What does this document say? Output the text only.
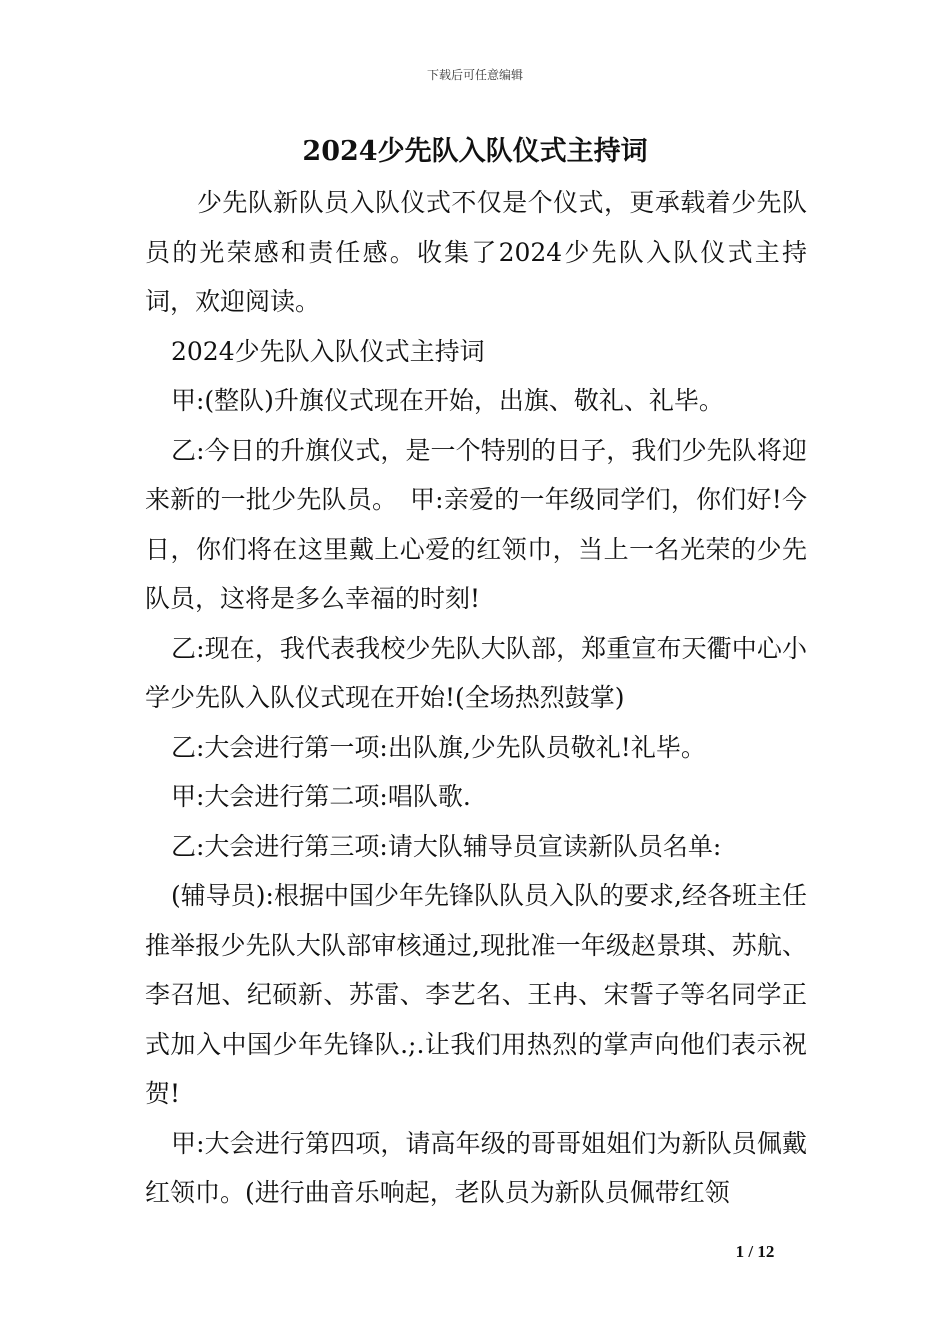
下载后可任意编辑
2024少先队入队仪式主持词

少先队新队员入队仪式不仅是个仪式，更承载着少先队员的光荣感和责任感。收集了2024少先队入队仪式主持词，欢迎阅读。

2024少先队入队仪式主持词

甲:(整队)升旗仪式现在开始，出旗、敬礼、礼毕。

乙:今日的升旗仪式，是一个特别的日子，我们少先队将迎来新的一批少先队员。　甲:亲爱的一年级同学们，你们好!今日，你们将在这里戴上心爱的红领巾，当上一名光荣的少先队员，这将是多么幸福的时刻!

乙:现在，我代表我校少先队大队部，郑重宣布天衢中心小学少先队入队仪式现在开始!(全场热烈鼓掌)

乙:大会进行第一项:出队旗,少先队员敬礼!礼毕。

甲:大会进行第二项:唱队歌.

乙:大会进行第三项:请大队辅导员宣读新队员名单:

(辅导员):根据中国少年先锋队队员入队的要求,经各班主任推举报少先队大队部审核通过,现批准一年级赵景琪、苏航、李召旭、纪硕新、苏雷、李艺名、王冉、宋誓子等名同学正式加入中国少年先锋队.;.让我们用热烈的掌声向他们表示祝贺!

甲:大会进行第四项，请高年级的哥哥姐姐们为新队员佩戴红领巾。(进行曲音乐响起，老队员为新队员佩带红领

1 / 12
